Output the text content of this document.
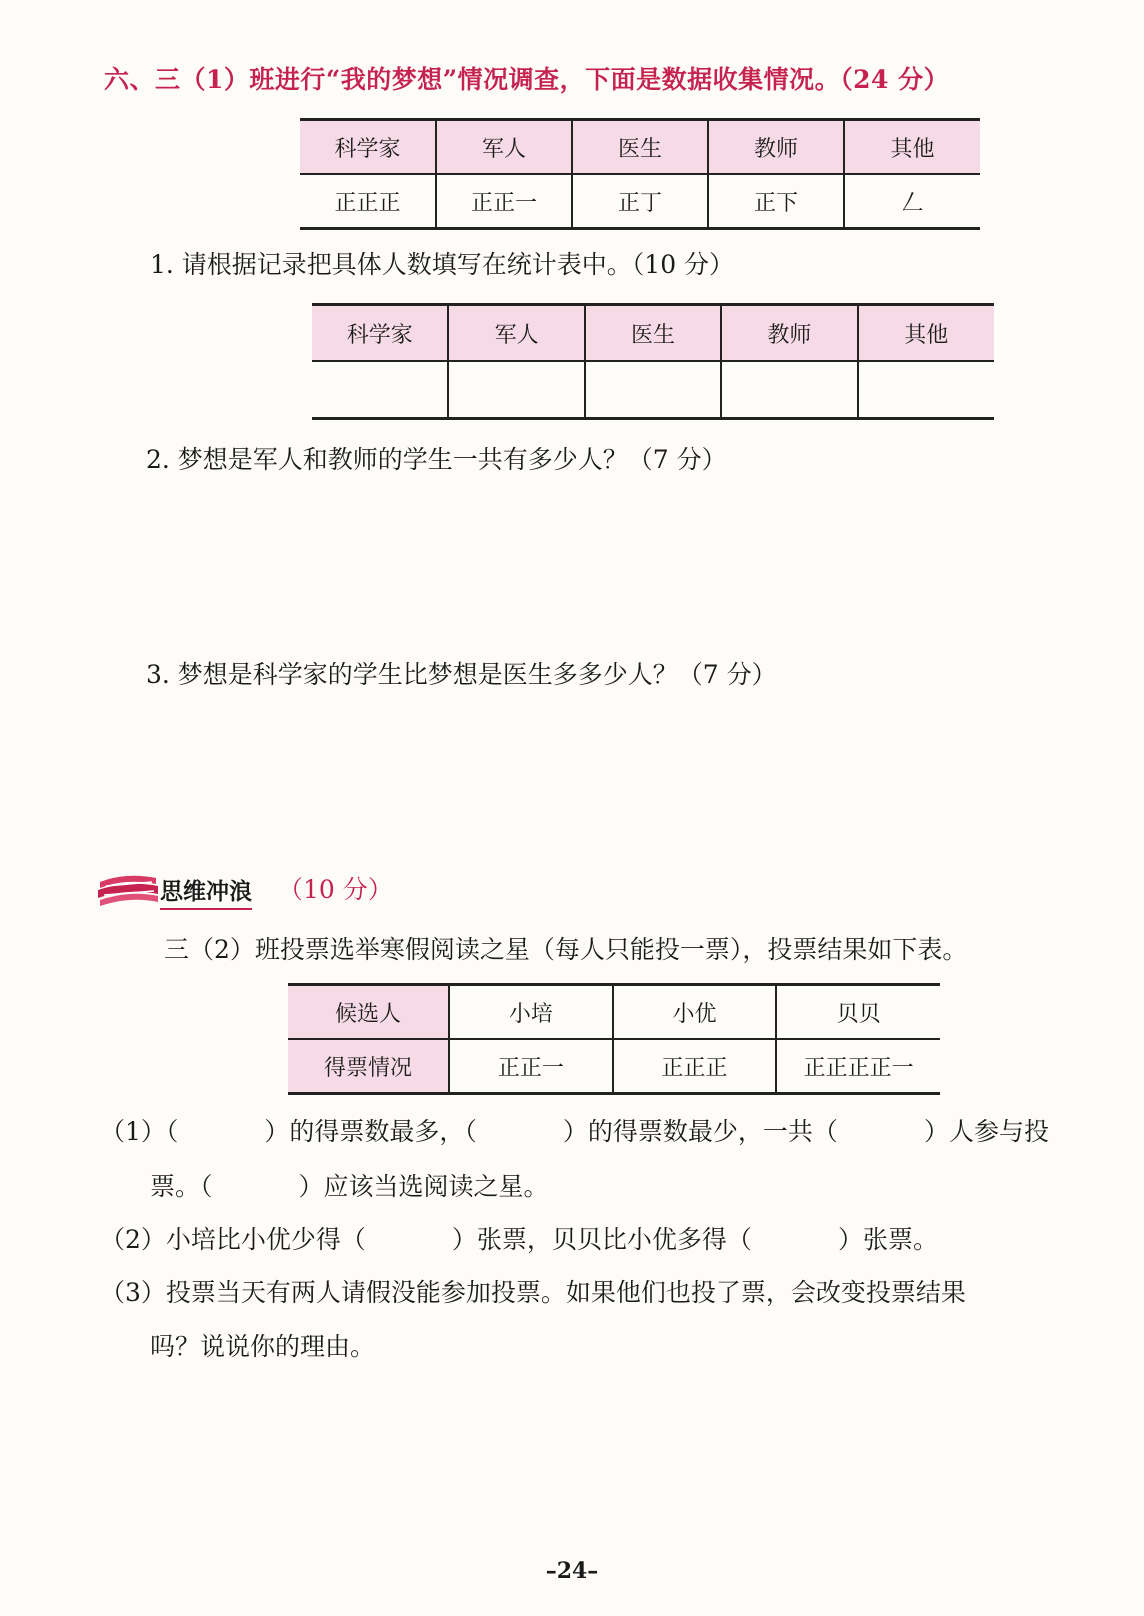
六、三（1）班进行“我的梦想”情况调查，下面是数据收集情况。（24 分）
科学家	军人	医生	教师	其他
正正正	正正一	正丁	正下	𠃋
1. 请根据记录把具体人数填写在统计表中。（10 分）
科学家	军人	医生	教师	其他

2. 梦想是军人和教师的学生一共有多少人？（7 分）
3. 梦想是科学家的学生比梦想是医生多多少人？（7 分）
思维冲浪 （10 分）
三（2）班投票选举寒假阅读之星（每人只能投一票），投票结果如下表。
候选人	小培	小优	贝贝
得票情况	正正一	正正正	正正正正一
（1）（	）的得票数最多，（	）的得票数最少，一共（	）人参与投
票。（	）应该当选阅读之星。
（2）小培比小优少得（	）张票，贝贝比小优多得（	）张票。
（3）投票当天有两人请假没能参加投票。如果他们也投了票，会改变投票结果
吗？说说你的理由。
–24–
